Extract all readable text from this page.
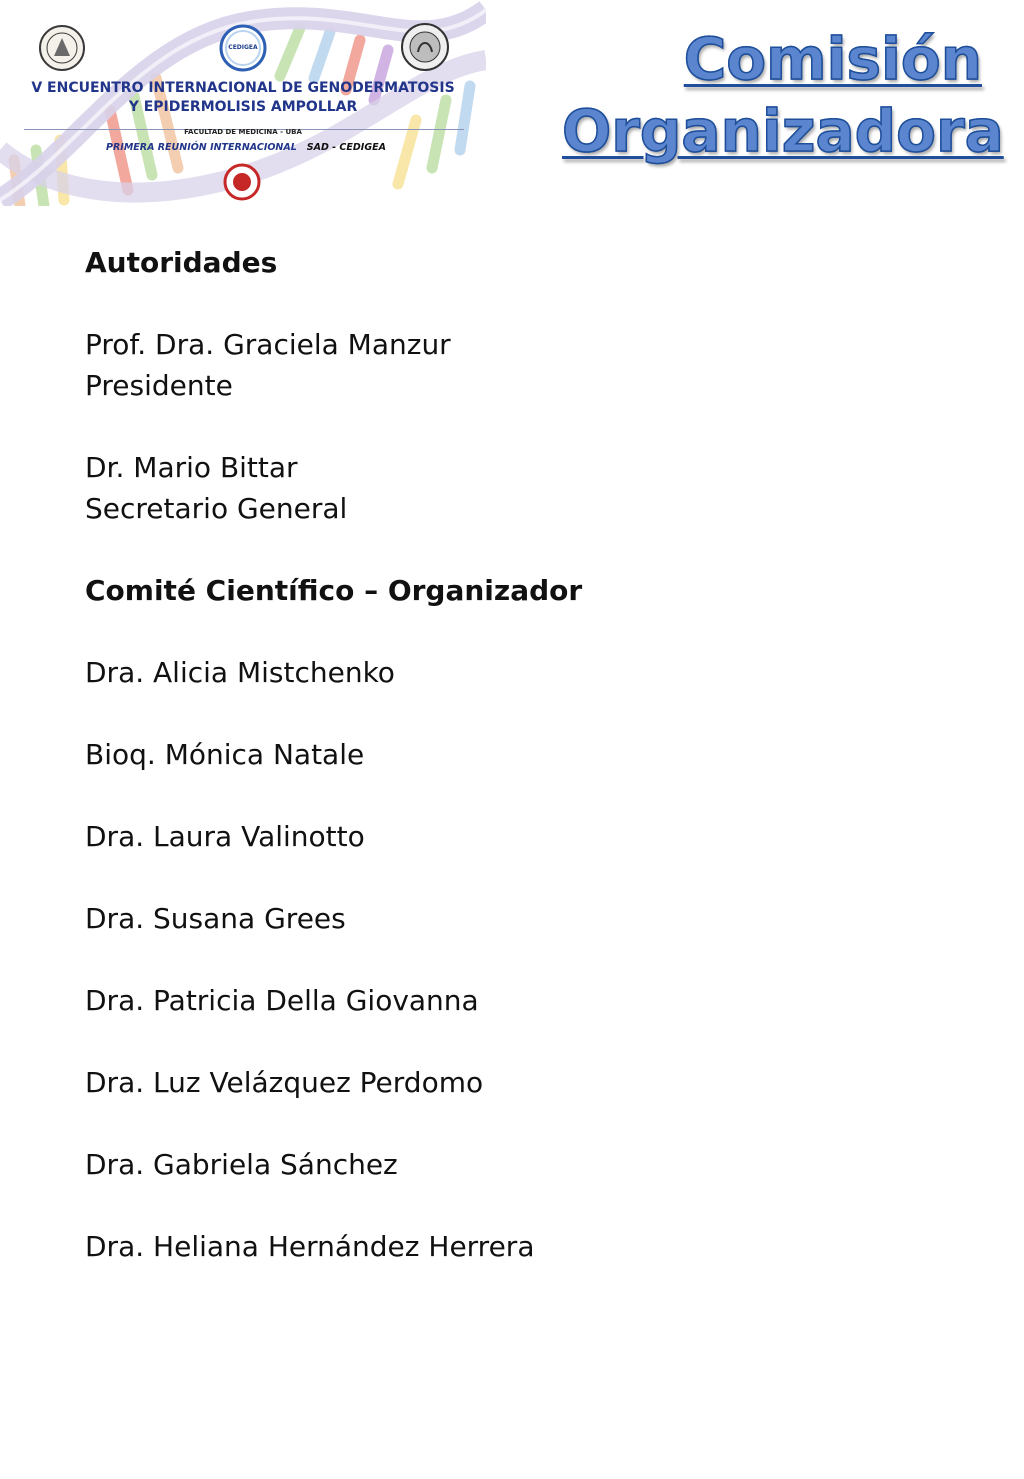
CEDIGEA
V ENCUENTRO INTERNACIONAL DE GENODERMATOSIS
Y EPIDERMOLISIS AMPOLLAR
FACULTAD DE MEDICINA - UBA
PRIMERA REUNIÓN INTERNACIONAL SAD - CEDIGEA
Comisión
Organizadora
Autoridades
Prof. Dra. Graciela Manzur
Presidente
Dr. Mario Bittar
Secretario General
Comité Científico – Organizador
Dra. Alicia Mistchenko
Bioq. Mónica Natale
Dra. Laura Valinotto
Dra. Susana Grees
Dra. Patricia Della Giovanna
Dra. Luz Velázquez Perdomo
Dra. Gabriela Sánchez
Dra. Heliana Hernández Herrera
